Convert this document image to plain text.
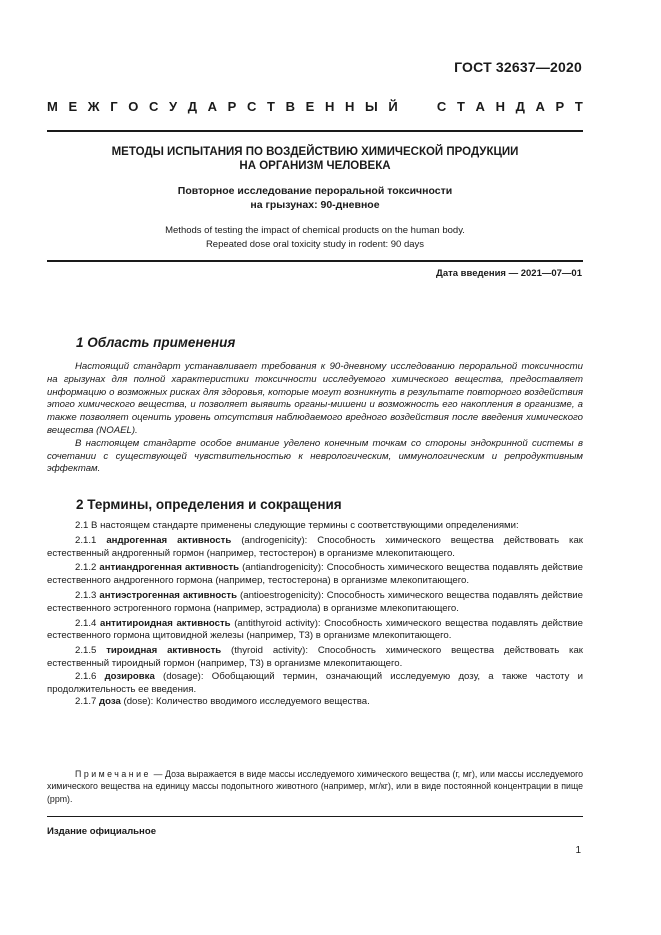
ГОСТ 32637—2020
М Е Ж Г О С У Д А Р С Т В Е Н Н Ы Й

	С Т А Н Д А Р Т
МЕТОДЫ ИСПЫТАНИЯ ПО ВОЗДЕЙСТВИЮ ХИМИЧЕСКОЙ ПРОДУКЦИИ
НА ОРГАНИЗМ ЧЕЛОВЕКА
Повторное исследование пероральной токсичности
на грызунах: 90-дневное
Methods of testing the impact of chemical products on the human body.
Repeated dose oral toxicity study in rodent: 90 days
Дата введения — 2021—07—01
1 Область применения

Настоящий стандарт устанавливает требования к 90-дневному исследованию пероральной токсичности на грызунах для полной характеристики токсичности исследуемого химического вещества, предоставляет информацию о возможных рисках для здоровья, которые могут возникнуть в результате повторного воздействия этого химического вещества, и позволяет выявить органы-мишени и возможность его накопления в организме, а также позволяет оценить уровень отсутствия наблюдаемого вредного воздействия после введения химического вещества (NOAEL).

В настоящем стандарте особое внимание уделено конечным точкам со стороны эндокринной системы в сочетании с существующей чувствительностью к неврологическим, иммунологическим и репродуктивным эффектам.

2 Термины, определения и сокращения

2.1 В настоящем стандарте применены следующие термины с соответствующими определениями:

2.1.1 андрогенная активность (androgenicity): Способность химического вещества действовать как естественный андрогенный гормон (например, тестостерон) в организме млекопитающего.

2.1.2 антиандрогенная активность (antiandrogenicity): Способность химического вещества подавлять действие естественного андрогенного гормона (например, тестостерона) в организме млекопитающего.

2.1.3 антиэстрогенная активность (antioestrogenicity): Способность химического вещества подавлять действие естественного эстрогенного гормона (например, эстрадиола) в организме млекопитающего.

2.1.4 антитироидная активность (antithyroid activity): Способность химического вещества подавлять действие естественного гормона щитовидной железы (например, Т3) в организме млекопитающего.

2.1.5 тироидная активность (thyroid activity): Способность химического вещества действовать как естественный тироидный гормон (например, Т3) в организме млекопитающего.

2.1.6 дозировка (dosage): Обобщающий термин, означающий исследуемую дозу, а также частоту и продолжительность ее введения.

2.1.7 доза (dose): Количество вводимого исследуемого вещества.

Примечание — Доза выражается в виде массы исследуемого химического вещества (г, мг), или массы исследуемого химического вещества на единицу массы подопытного животного (например, мг/кг), или в виде постоянной концентрации в пище (ppm).

Издание официальное
1
